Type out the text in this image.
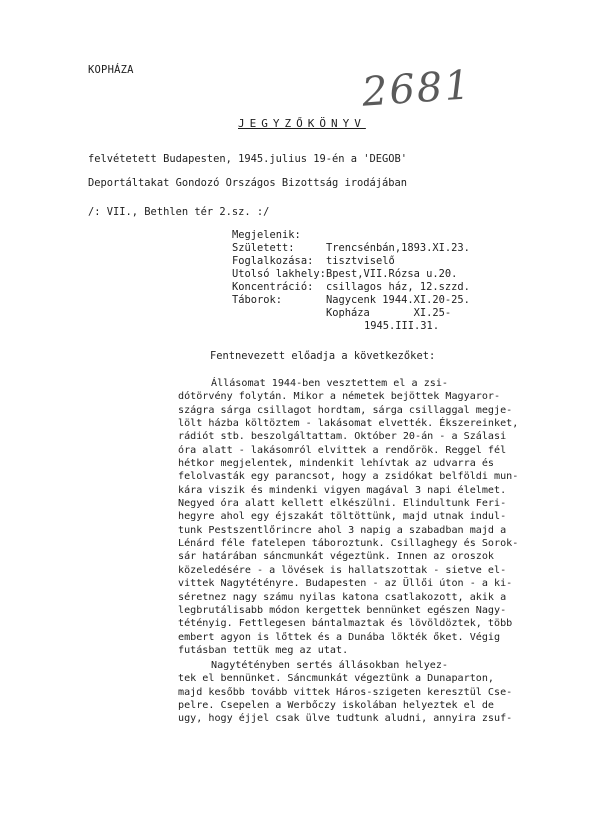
KOPHÁZA	2681
JEGYZŐKÖNYV
felvétetett Budapesten, 1945.julius 19-én a 'DEGOB'
Deportáltakat Gondozó Országos Bizottság irodájában
/: VII., Bethlen tér 2.sz. :/
Megjelenik:
Született:	Trencsénbán,1893.XI.23.
Foglalkozása: tisztviselő
Utolsó lakhely: Bpest,VII.Rózsa u.20.
Koncentráció: csillagos ház, 12.szzd.
Táborok:	Nagycenk 1944.XI.20-25.
Kopháza       XI.25-
1945.III.31.
Fentnevezett előadja a következőket:
Állásomat 1944-ben vesztettem el a zsi-
dótörvény folytán. Mikor a németek bejöttek Magyaror-
szágra sárga csillagot hordtam, sárga csillaggal megje-
lölt házba költöztem - lakásomat elvették. Ékszereinket,
rádiót stb. beszolgáltattam. Október 20-án - a Szálasi
óra alatt - lakásomról elvittek a rendőrök. Reggel fél
hétkor megjelentek, mindenkit lehívtak az udvarra és
felolvasták egy parancsot, hogy a zsidókat belföldi mun-
kára viszik és mindenki vigyen magával 3 napi élelmet.
Negyed óra alatt kellett elkészülni. Elindultunk Feri-
hegyre ahol egy éjszakát töltöttünk, majd utnak indul-
tunk Pestszentlőrincre ahol 3 napig a szabadban majd a
Lénárd féle fatelepen táboroztunk. Csillaghegy és Sorok-
sár határában sáncmunkát végeztünk. Innen az oroszok
közeledésére - a lövések is hallatszottak - sietve el-
vittek Nagytétényre. Budapesten - az Üllői úton - a ki-
séretnez nagy számu nyilas katona csatlakozott, akik a
legbrutálisabb módon kergettek bennünket egészen Nagy-
tétényig. Fettlegesen bántalmaztak és lövöldöztek, több
embert agyon is lőttek és a Dunába lökték őket. Végig
futásban tettük meg az utat.
Nagytétényben sertés állásokban helyez-
tek el bennünket. Sáncmunkát végeztünk a Dunaparton,
majd kesőbb tovább vittek Háros-szigeten keresztül Cse-
pelre. Csepelen a Werbőczy iskolában helyeztek el de
ugy, hogy éjjel csak ülve tudtunk aludni, annyira zsuf-
